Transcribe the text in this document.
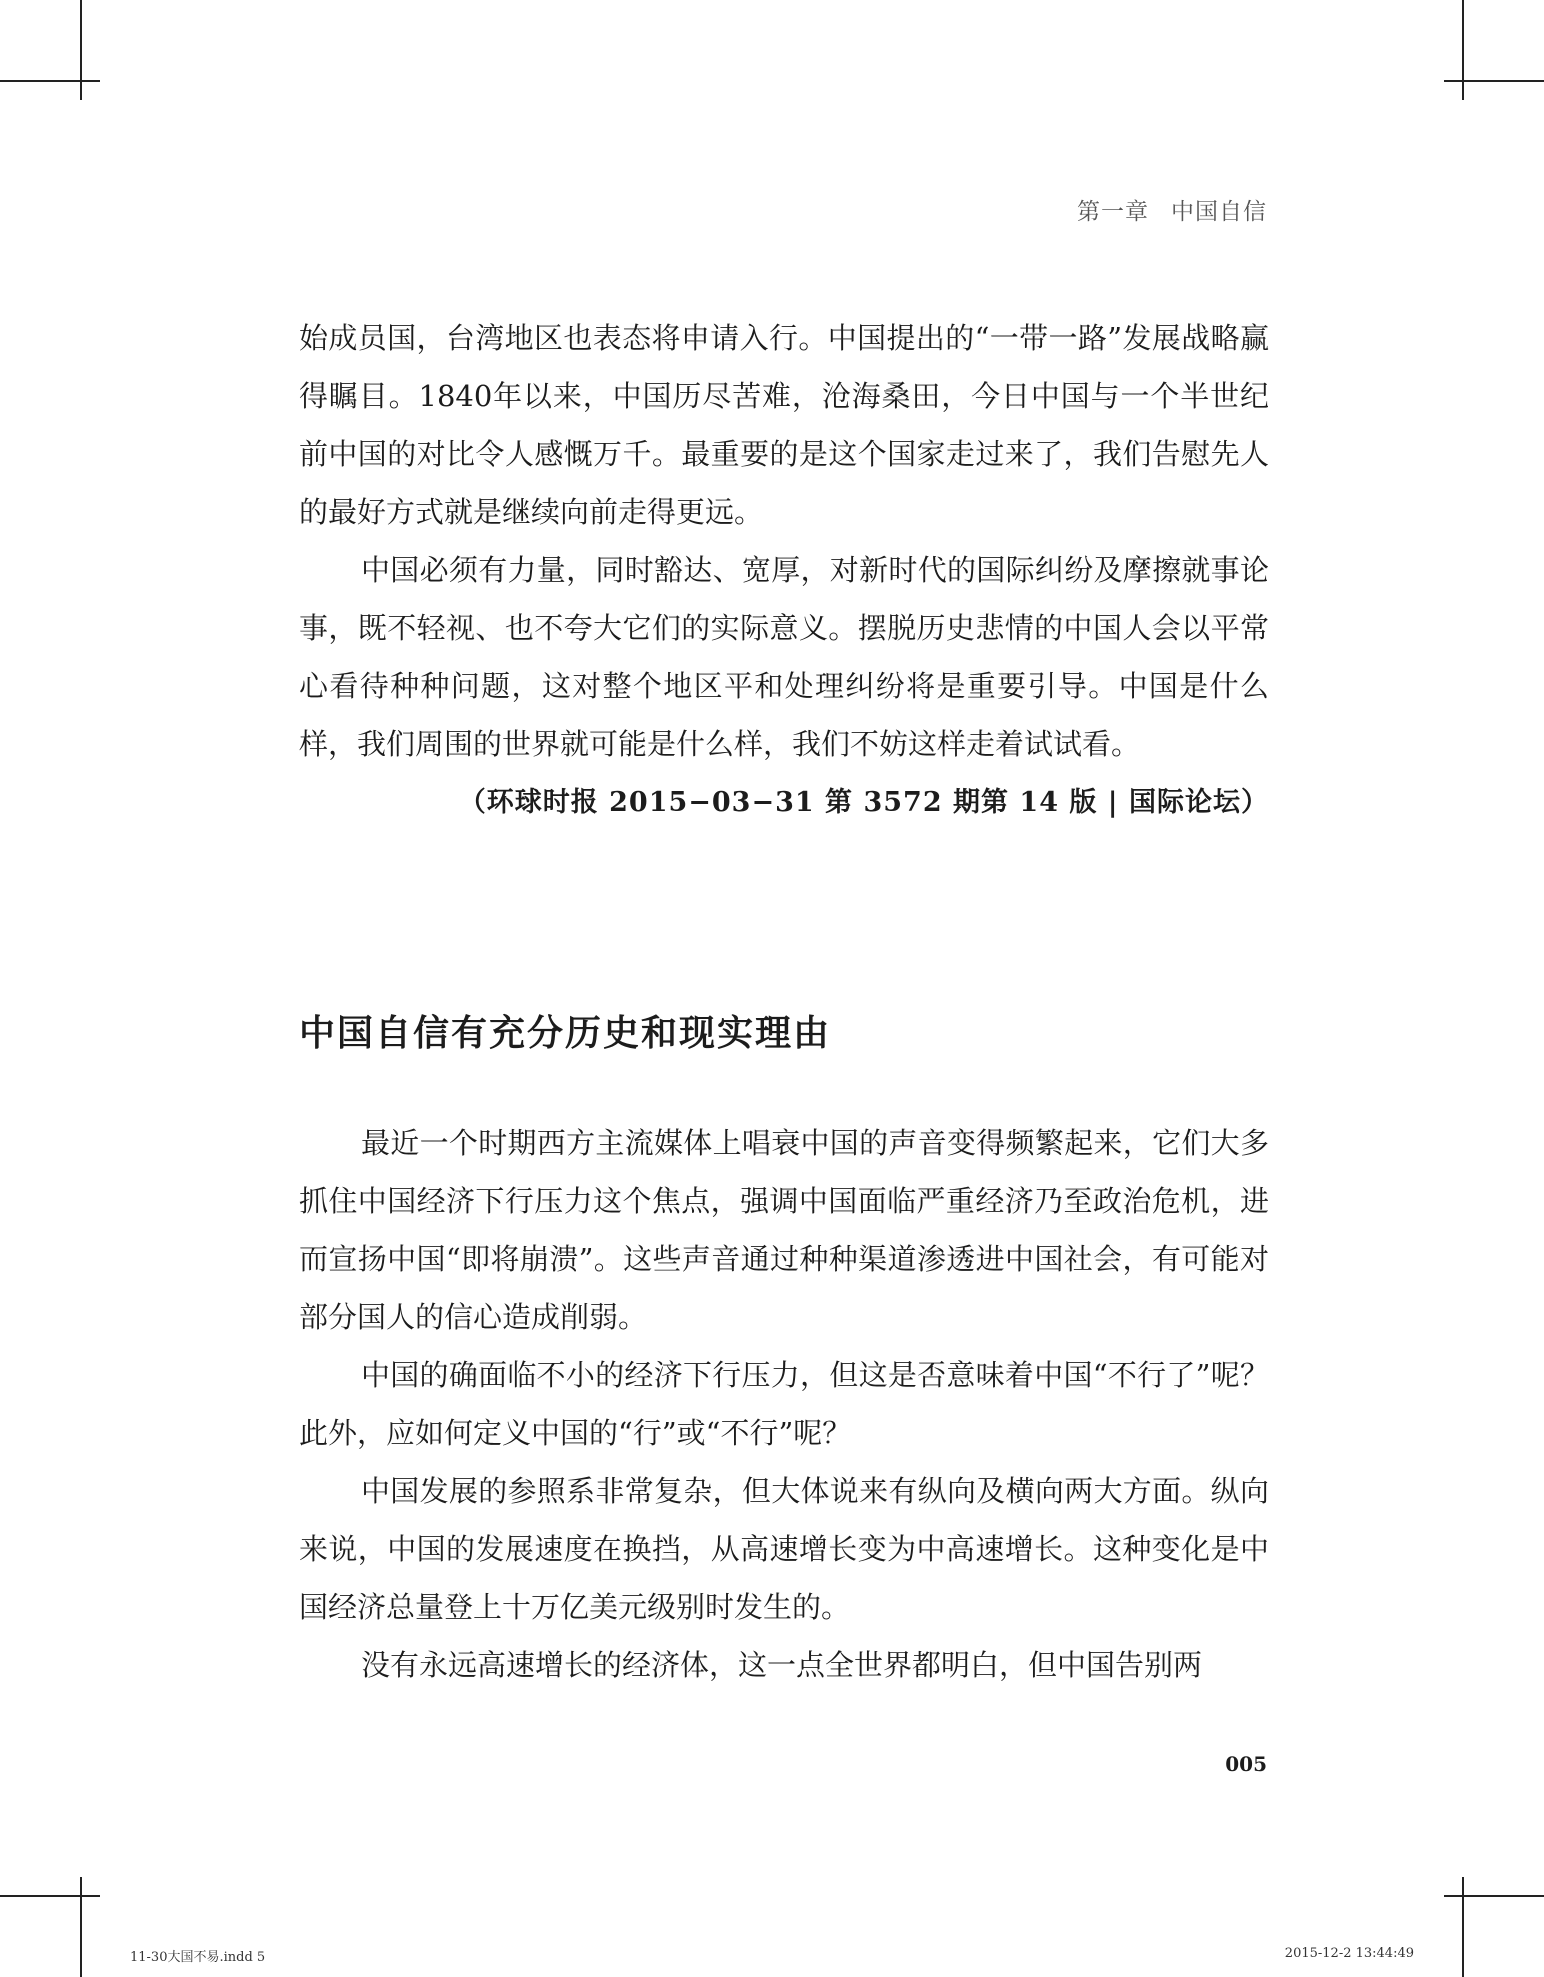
第一章 中国自信

始成员国，台湾地区也表态将申请入行。中国提出的“一带一路”发展战略赢得瞩目。1840年以来，中国历尽苦难，沧海桑田，今日中国与一个半世纪前中国的对比令人感慨万千。最重要的是这个国家走过来了，我们告慰先人的最好方式就是继续向前走得更远。

中国必须有力量，同时豁达、宽厚，对新时代的国际纠纷及摩擦就事论事，既不轻视、也不夸大它们的实际意义。摆脱历史悲情的中国人会以平常心看待种种问题，这对整个地区平和处理纠纷将是重要引导。中国是什么样，我们周围的世界就可能是什么样，我们不妨这样走着试试看。

（环球时报 2015−03−31 第 3572 期第 14 版 | 国际论坛）

中国自信有充分历史和现实理由

最近一个时期西方主流媒体上唱衰中国的声音变得频繁起来，它们大多抓住中国经济下行压力这个焦点，强调中国面临严重经济乃至政治危机，进而宣扬中国“即将崩溃”。这些声音通过种种渠道渗透进中国社会，有可能对部分国人的信心造成削弱。

中国的确面临不小的经济下行压力，但这是否意味着中国“不行了”呢？此外，应如何定义中国的“行”或“不行”呢？

中国发展的参照系非常复杂，但大体说来有纵向及横向两大方面。纵向来说，中国的发展速度在换挡，从高速增长变为中高速增长。这种变化是中国经济总量登上十万亿美元级别时发生的。

没有永远高速增长的经济体，这一点全世界都明白，但中国告别两

005
11-30大国不易.indd 5	2015-12-2 13:44:49
